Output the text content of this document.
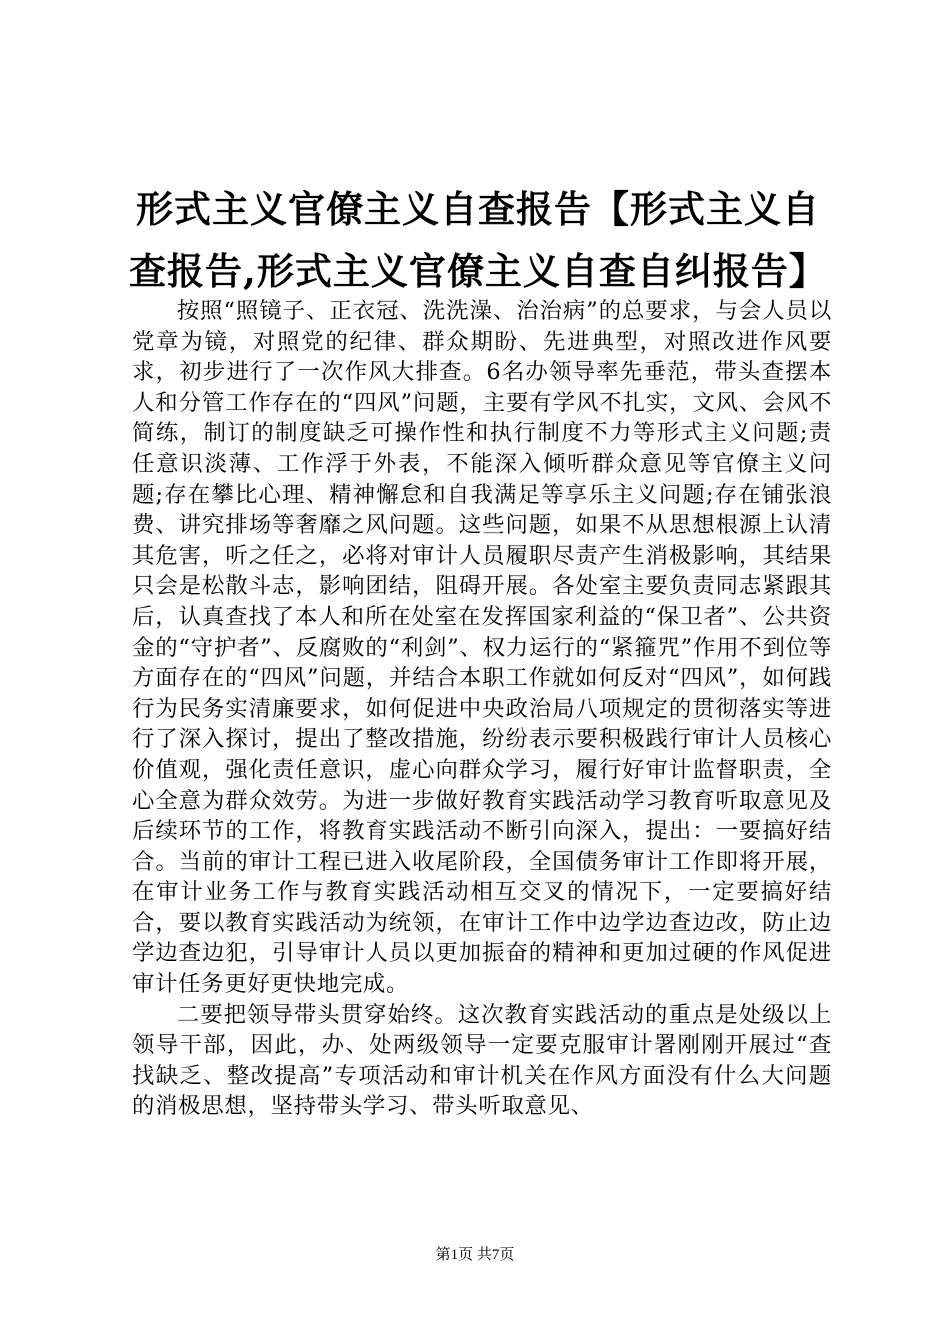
形式主义官僚主义自查报告【形式主义自查报告,形式主义官僚主义自查自纠报告】

按照“照镜子、正衣冠、洗洗澡、治治病”的总要求，与会人员以党章为镜，对照党的纪律、群众期盼、先进典型，对照改进作风要求，初步进行了一次作风大排查。6名办领导率先垂范，带头查摆本人和分管工作存在的“四风”问题，主要有学风不扎实，文风、会风不简练，制订的制度缺乏可操作性和执行制度不力等形式主义问题;责任意识淡薄、工作浮于外表，不能深入倾听群众意见等官僚主义问题;存在攀比心理、精神懈怠和自我满足等享乐主义问题;存在铺张浪费、讲究排场等奢靡之风问题。这些问题，如果不从思想根源上认清其危害，听之任之，必将对审计人员履职尽责产生消极影响，其结果只会是松散斗志，影响团结，阻碍开展。各处室主要负责同志紧跟其后，认真查找了本人和所在处室在发挥国家利益的“保卫者”、公共资金的“守护者”、反腐败的“利剑”、权力运行的“紧箍咒”作用不到位等方面存在的“四风”问题，并结合本职工作就如何反对“四风”，如何践行为民务实清廉要求，如何促进中央政治局八项规定的贯彻落实等进行了深入探讨，提出了整改措施，纷纷表示要积极践行审计人员核心价值观，强化责任意识，虚心向群众学习，履行好审计监督职责，全心全意为群众效劳。为进一步做好教育实践活动学习教育听取意见及后续环节的工作，将教育实践活动不断引向深入，提出：一要搞好结合。当前的审计工程已进入收尾阶段，全国债务审计工作即将开展，在审计业务工作与教育实践活动相互交叉的情况下，一定要搞好结合，要以教育实践活动为统领，在审计工作中边学边查边改，防止边学边查边犯，引导审计人员以更加振奋的精神和更加过硬的作风促进审计任务更好更快地完成。

二要把领导带头贯穿始终。这次教育实践活动的重点是处级以上领导干部，因此，办、处两级领导一定要克服审计署刚刚开展过“查找缺乏、整改提高”专项活动和审计机关在作风方面没有什么大问题的消极思想，坚持带头学习、带头听取意见、

第1页 共7页
